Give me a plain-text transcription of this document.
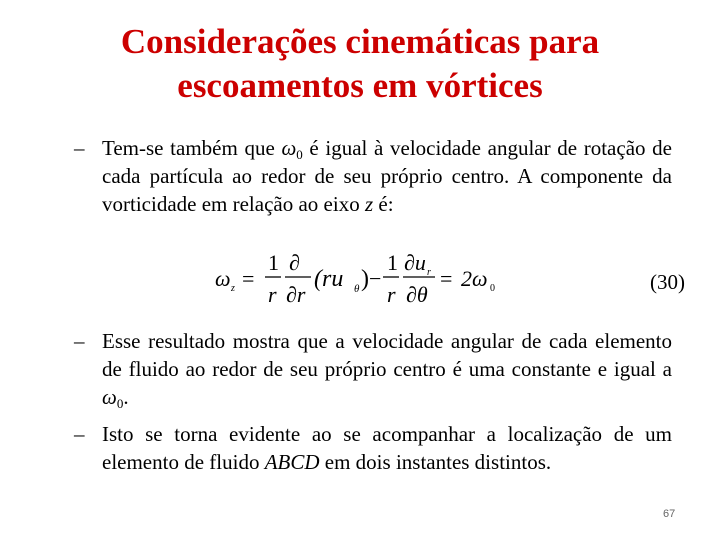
Considerações cinemáticas para
escoamentos em vórtices
– Tem-se também que $\omega_0$ é igual à velocidade angular de rotação de cada partícula ao redor de seu próprio centro. A componente da vorticidade em relação ao eixo z é:
ω z =
1
r
∂
∂r
(ru θ ) −
1
r
∂u r
∂θ
= 2ω 0	(30)
– Esse resultado mostra que a velocidade angular de cada elemento de fluido ao redor de seu próprio centro é uma constante e igual a $\omega_0$.
– Isto se torna evidente ao se acompanhar a localização de um elemento de fluido ABCD em dois instantes distintos.
67
